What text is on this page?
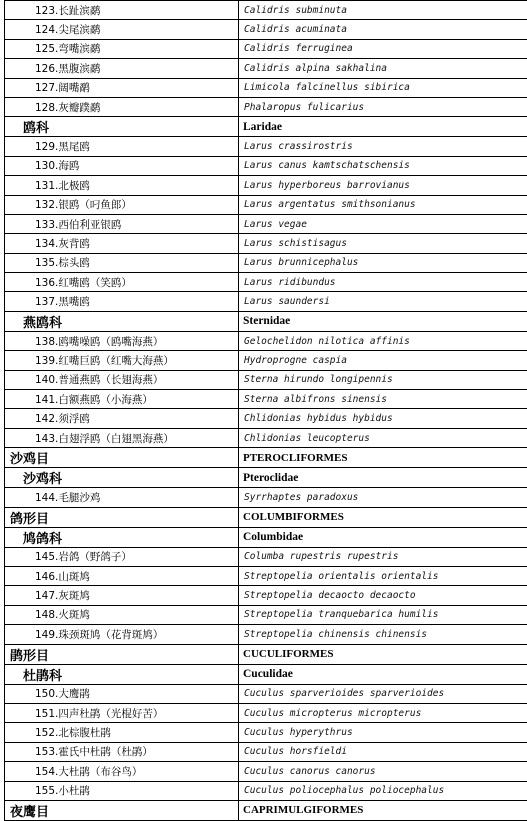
123.长趾滨鹬	Calidris subminuta
124.尖尾滨鹬	Calidris acuminata
125.弯嘴滨鹬	Calidris ferruginea
126.黑腹滨鹬	Calidris alpina sakhalina
127.阔嘴鹬	Limicola falcinellus sibirica
128.灰瓣蹼鹬	Phalaropus fulicarius
鸥科	Laridae
129.黑尾鸥	Larus crassirostris
130.海鸥	Larus canus kamtschatschensis
131.北极鸥	Larus hyperboreus barrovianus
132.银鸥（叼鱼郎）	Larus argentatus smithsonianus
133.西伯利亚银鸥	Larus vegae
134.灰背鸥	Larus schistisagus
135.棕头鸥	Larus brunnicephalus
136.红嘴鸥（笑鸥）	Larus ridibundus
137.黑嘴鸥	Larus saundersi
燕鸥科	Sternidae
138.鸥嘴噪鸥（鸥嘴海燕）	Gelochelidon nilotica affinis
139.红嘴巨鸥（红嘴大海燕）	Hydroprogne caspia
140.普通燕鸥（长翅海燕）	Sterna hirundo longipennis
141.白额燕鸥（小海燕）	Sterna albifrons sinensis
142.须浮鸥	Chlidonias hybidus hybidus
143.白翅浮鸥（白翅黑海燕）	Chlidonias leucopterus
沙鸡目	PTEROCLIFORMES
沙鸡科	Pteroclidae
144.毛腿沙鸡	Syrrhaptes paradoxus
鸽形目	COLUMBIFORMES
鸠鸽科	Columbidae
145.岩鸽（野鸽子）	Columba rupestris rupestris
146.山斑鸠	Streptopelia orientalis orientalis
147.灰斑鸠	Streptopelia decaocto decaocto
148.火斑鸠	Streptopelia tranquebarica humilis
149.珠颈斑鸠（花背斑鸠）	Streptopelia chinensis chinensis
鹃形目	CUCULIFORMES
杜鹃科	Cuculidae
150.大鹰鹃	Cuculus sparverioides sparverioides
151.四声杜鹃（光棍好苦）	Cuculus micropterus micropterus
152.北棕腹杜鹃	Cuculus hyperythrus
153.霍氏中杜鹃（杜鹃）	Cuculus horsfieldi
154.大杜鹃（布谷鸟）	Cuculus canorus canorus
155.小杜鹃	Cuculus poliocephalus poliocephalus
夜鹰目	CAPRIMULGIFORMES
